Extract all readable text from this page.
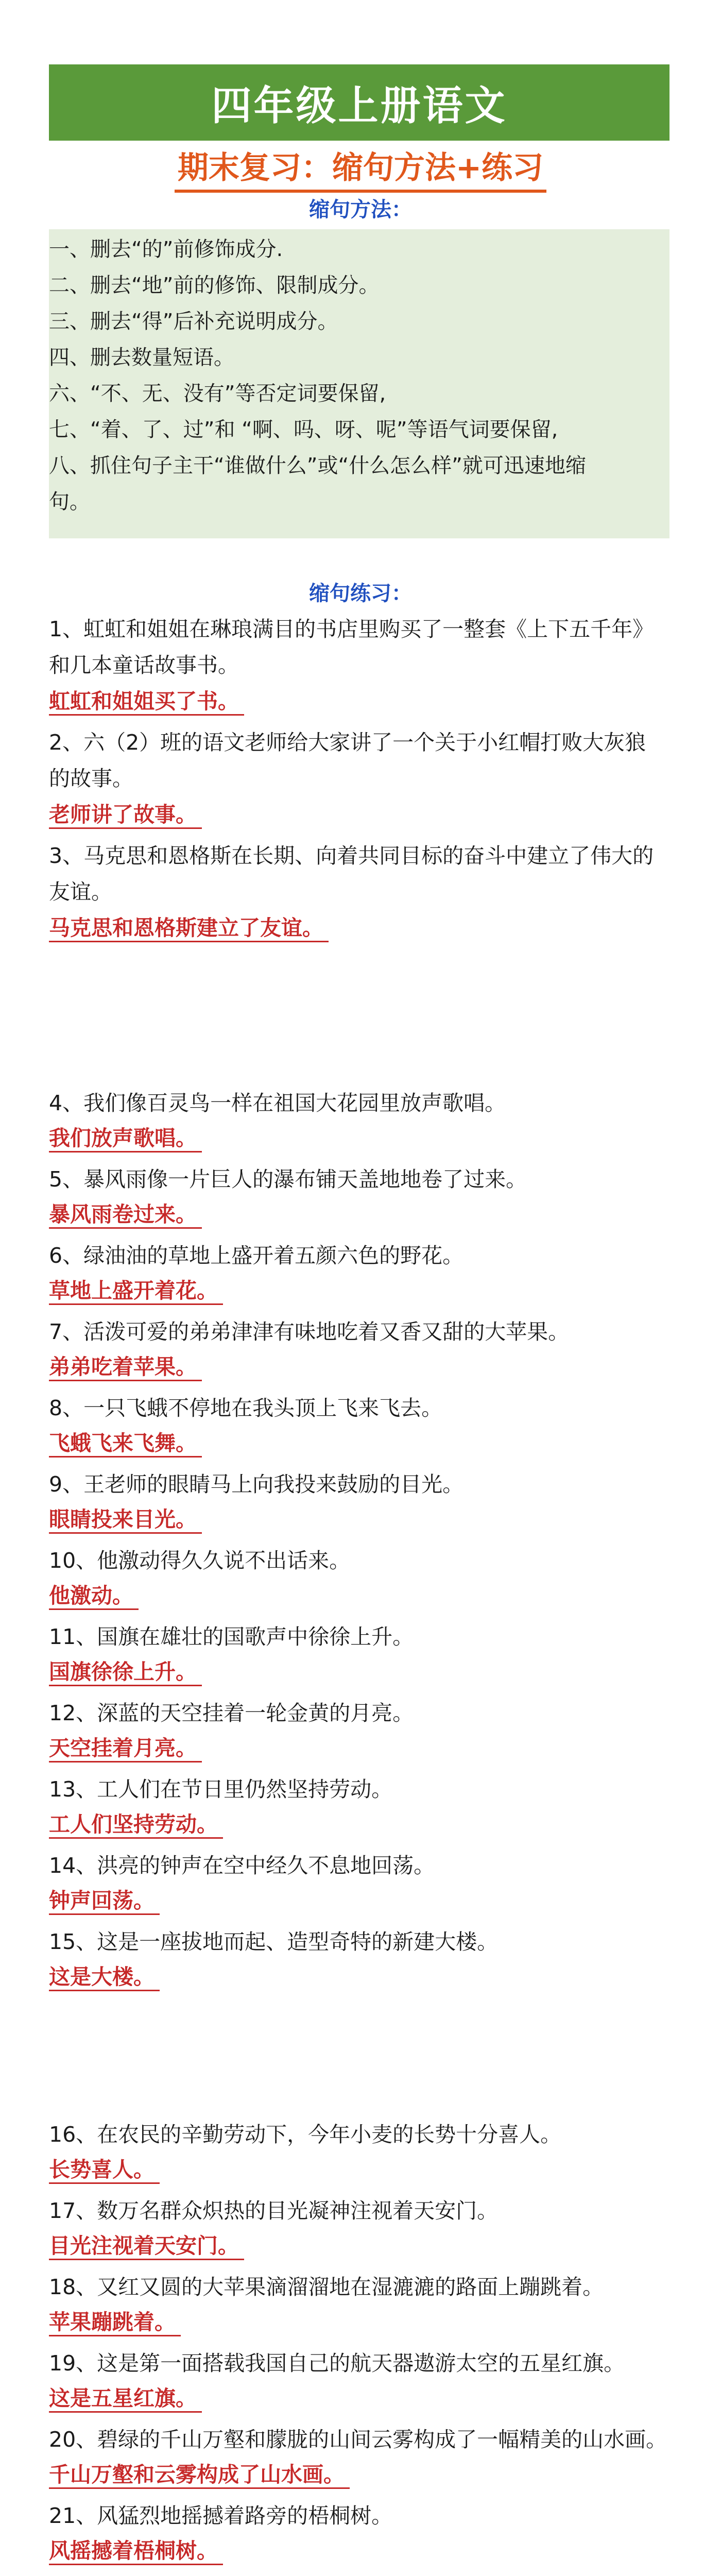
四年级上册语文
期末复习：缩句方法+练习
缩句方法：
一、删去“的”前修饰成分.
二、删去“地”前的修饰、限制成分。
三、删去“得”后补充说明成分。
四、删去数量短语。
六、“不、无、没有”等否定词要保留,
七、“着、了、过”和 “啊、吗、呀、呢”等语气词要保留,
八、抓住句子主干“谁做什么”或“什么怎么样”就可迅速地缩
句。
缩句练习：
1、虹虹和姐姐在琳琅满目的书店里购买了一整套《上下五千年》
和几本童话故事书。
虹虹和姐姐买了书。
2、六（2）班的语文老师给大家讲了一个关于小红帽打败大灰狼
的故事。
老师讲了故事。
3、马克思和恩格斯在长期、向着共同目标的奋斗中建立了伟大的
友谊。
马克思和恩格斯建立了友谊。
4、我们像百灵鸟一样在祖国大花园里放声歌唱。
我们放声歌唱。
5、暴风雨像一片巨人的瀑布铺天盖地地卷了过来。
暴风雨卷过来。
6、绿油油的草地上盛开着五颜六色的野花。
草地上盛开着花。
7、活泼可爱的弟弟津津有味地吃着又香又甜的大苹果。
弟弟吃着苹果。
8、一只飞蛾不停地在我头顶上飞来飞去。
飞蛾飞来飞舞。
9、王老师的眼睛马上向我投来鼓励的目光。
眼睛投来目光。
10、他激动得久久说不出话来。
他激动。
11、国旗在雄壮的国歌声中徐徐上升。
国旗徐徐上升。
12、深蓝的天空挂着一轮金黄的月亮。
天空挂着月亮。
13、工人们在节日里仍然坚持劳动。
工人们坚持劳动。
14、洪亮的钟声在空中经久不息地回荡。
钟声回荡。
15、这是一座拔地而起、造型奇特的新建大楼。
这是大楼。
16、在农民的辛勤劳动下，今年小麦的长势十分喜人。
长势喜人。
17、数万名群众炽热的目光凝神注视着天安门。
目光注视着天安门。
18、又红又圆的大苹果滴溜溜地在湿漉漉的路面上蹦跳着。
苹果蹦跳着。
19、这是第一面搭载我国自己的航天器遨游太空的五星红旗。
这是五星红旗。
20、碧绿的千山万壑和朦胧的山间云雾构成了一幅精美的山水画。
千山万壑和云雾构成了山水画。
21、风猛烈地摇撼着路旁的梧桐树。
风摇撼着梧桐树。
